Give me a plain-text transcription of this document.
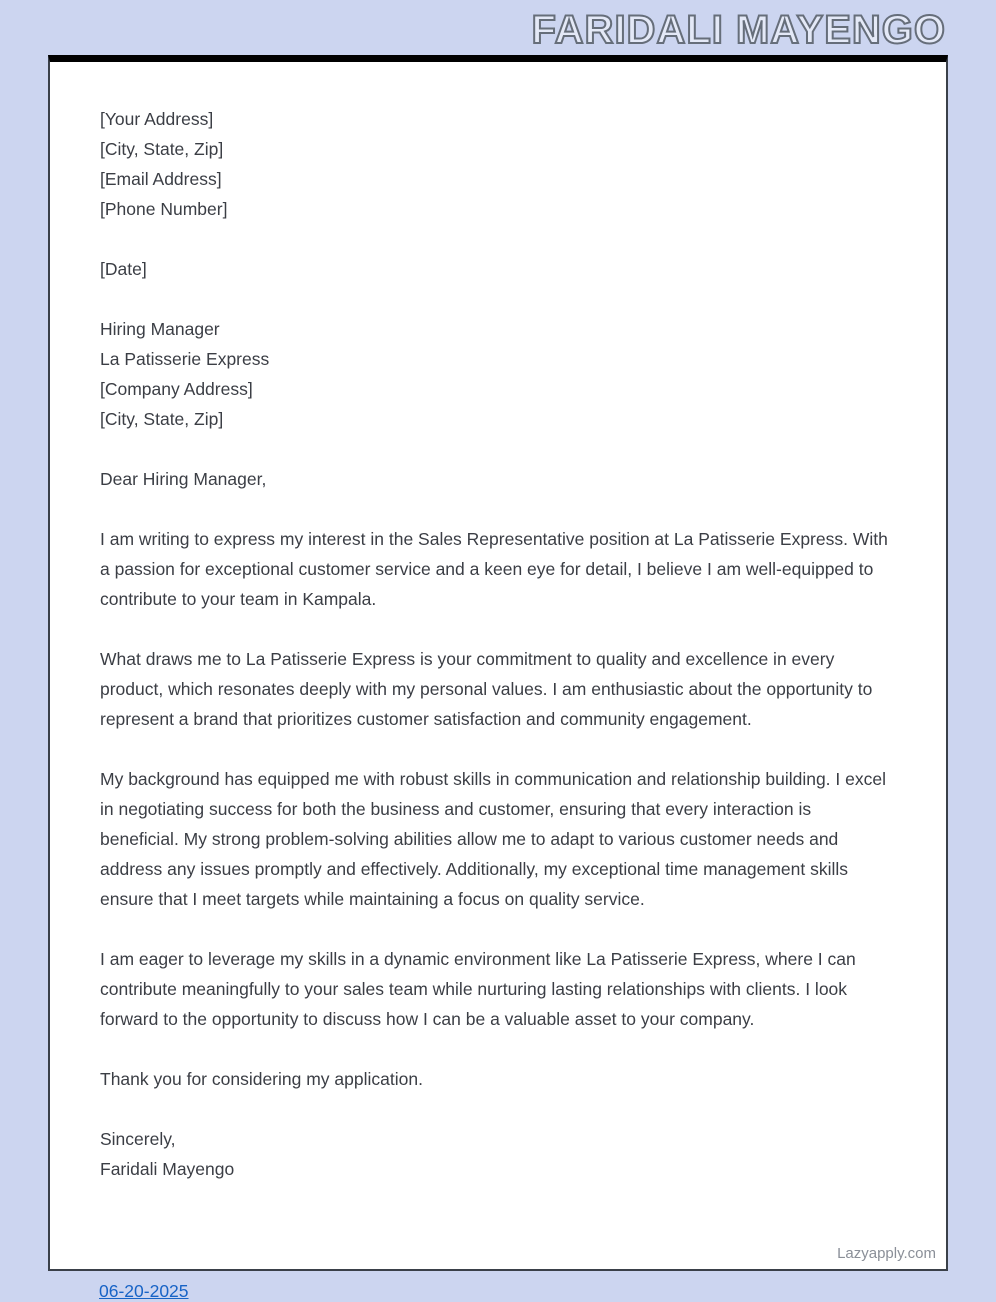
FARIDALI MAYENGO
[Your Address]
[City, State, Zip]
[Email Address]
[Phone Number]
[Date]
Hiring Manager
La Patisserie Express
[Company Address]
[City, State, Zip]
Dear Hiring Manager,

I am writing to express my interest in the Sales Representative position at La Patisserie Express. With a passion for exceptional customer service and a keen eye for detail, I believe I am well-equipped to contribute to your team in Kampala.

What draws me to La Patisserie Express is your commitment to quality and excellence in every product, which resonates deeply with my personal values. I am enthusiastic about the opportunity to represent a brand that prioritizes customer satisfaction and community engagement.

My background has equipped me with robust skills in communication and relationship building. I excel in negotiating success for both the business and customer, ensuring that every interaction is beneficial. My strong problem-solving abilities allow me to adapt to various customer needs and address any issues promptly and effectively. Additionally, my exceptional time management skills ensure that I meet targets while maintaining a focus on quality service.

I am eager to leverage my skills in a dynamic environment like La Patisserie Express, where I can contribute meaningfully to your sales team while nurturing lasting relationships with clients. I look forward to the opportunity to discuss how I can be a valuable asset to your company.

Thank you for considering my application.

Sincerely,
Faridali Mayengo
Lazyapply.com
06-20-2025
